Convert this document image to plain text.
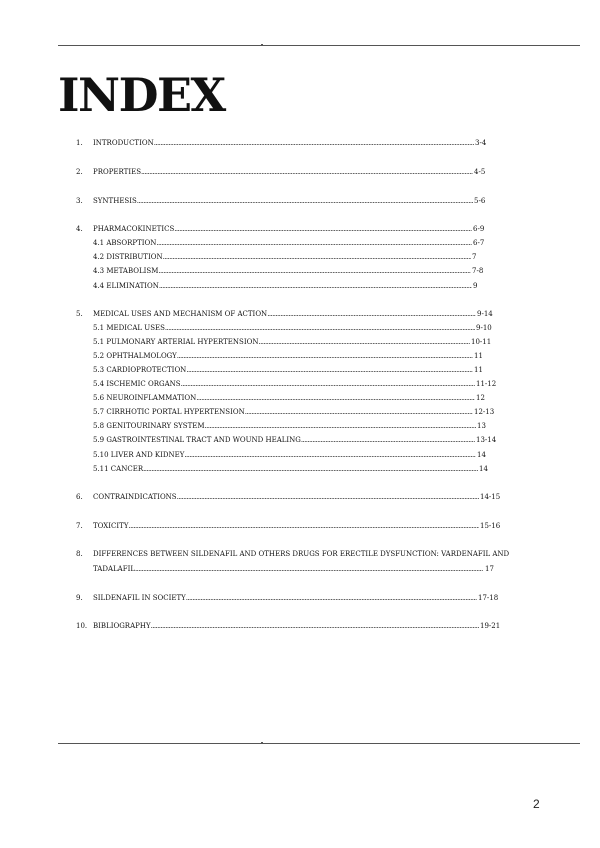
INDEX
1. INTRODUCTION .....	3-4
2. PROPERTIES .....	4-5
3. SYNTHESIS .....	5-6
4. PHARMACOKINETICS .....	6-9
4.1 ABSORPTION .....	6-7
4.2 DISTRIBUTION .....	7
4.3 METABOLISM .....	7-8
4.4 ELIMINATION .....	9
5. MEDICAL USES AND MECHANISM OF ACTION .....	9-14
5.1 MEDICAL USES .....	9-10
5.1 PULMONARY ARTERIAL HYPERTENSION .....	10-11
5.2 OPHTHALMOLOGY .....	11
5.3 CARDIOPROTECTION .....	11
5.4 ISCHEMIC ORGANS .....	11-12
5.6 NEUROINFLAMMATION .....	12
5.7 CIRRHOTIC PORTAL HYPERTENSION .....	12-13
5.8 GENITOURINARY SYSTEM .....	13
5.9 GASTROINTESTINAL TRACT AND WOUND HEALING .....	13-14
5.10 LIVER AND KIDNEY .....	14
5.11 CANCER .....	14
6. CONTRAINDICATIONS .....	14-15
7. TOXICITY .....	15-16
8. DIFFERENCES BETWEEN SILDENAFIL AND OTHERS DRUGS FOR ERECTILE DYSFUNCTION: VARDENAFIL AND
TADALAFIL .....	17
9. SILDENAFIL IN SOCIETY .....	17-18
10. BIBLIOGRAPHY .....	19-21
2
